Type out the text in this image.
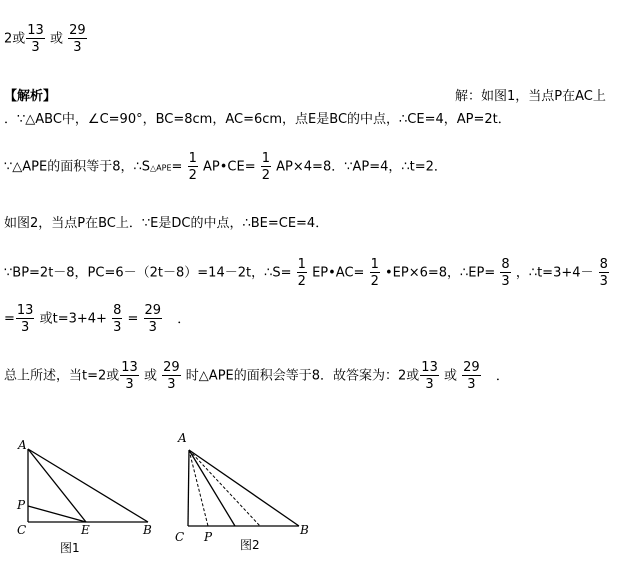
2或 $\frac{13}{3}$ 或 $\frac{29}{3}$
【解析】	解：如图1，当点P在AC上
．∵△ABC中，∠C=90°，BC=8cm，AC=6cm，点E是BC的中点，∴CE=4，AP=2t．
∵△APE的面积等于8，∴S△APE= $\frac{1}{2}$ AP•CE= $\frac{1}{2} AP\times 4=8$．∵AP=4，∴t=2．
如图2，当点P在BC上．∵E是DC的中点，∴BE=CE=4．
∵BP=2t－8，PC=6－（2t－8）=14－2t，∴S= $\frac{1}{2}$ EP•AC= $\frac{1}{2}$ •EP×6=8，∴EP= $\frac{8}{3}$ ，∴t=3+4－ $\frac{8}{3}$
= $\frac{13}{3}$ 或$t=3+4+ \frac{8}{3} = \frac{29}{3}$ ．
总上所述，当t=2或 $\frac{13}{3}$ 或 $\frac{29}{3}$ 时△APE的面积会等于8．故答案为：2或 $\frac{13}{3}$ 或 $\frac{29}{3}$ ．
A
P
C	E	B
图1
A
C P	B
图2
